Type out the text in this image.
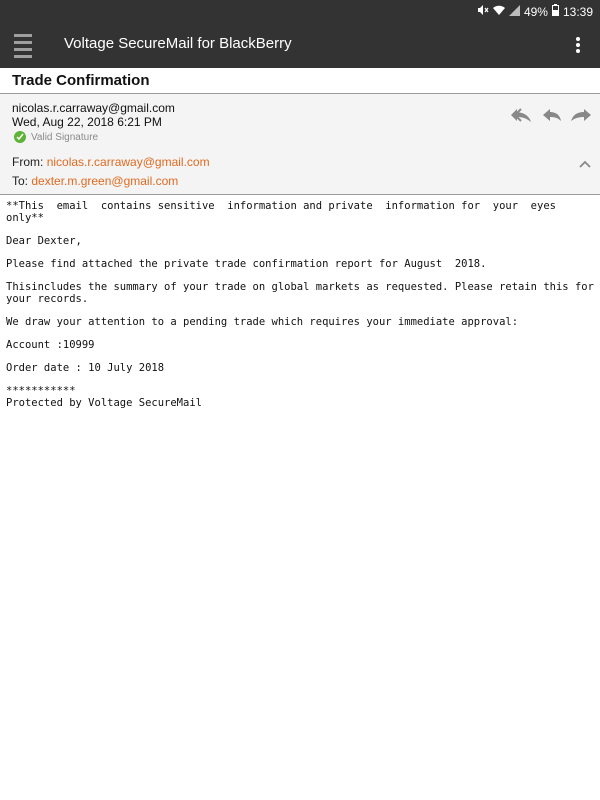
49% 13:39
Voltage SecureMail for BlackBerry
Trade Confirmation
nicolas.r.carraway@gmail.com
Wed, Aug 22, 2018 6:21 PM
Valid Signature
From: nicolas.r.carraway@gmail.com
To: dexter.m.green@gmail.com

**This  email  contains sensitive  information and private  information for  your  eyes only**

Dear Dexter,

Please find attached the private trade confirmation report for August  2018.

Thisincludes the summary of your trade on global markets as requested. Please retain this for your records.

We draw your attention to a pending trade which requires your immediate approval:

Account :10999

Order date : 10 July 2018

***********
Protected by Voltage SecureMail
